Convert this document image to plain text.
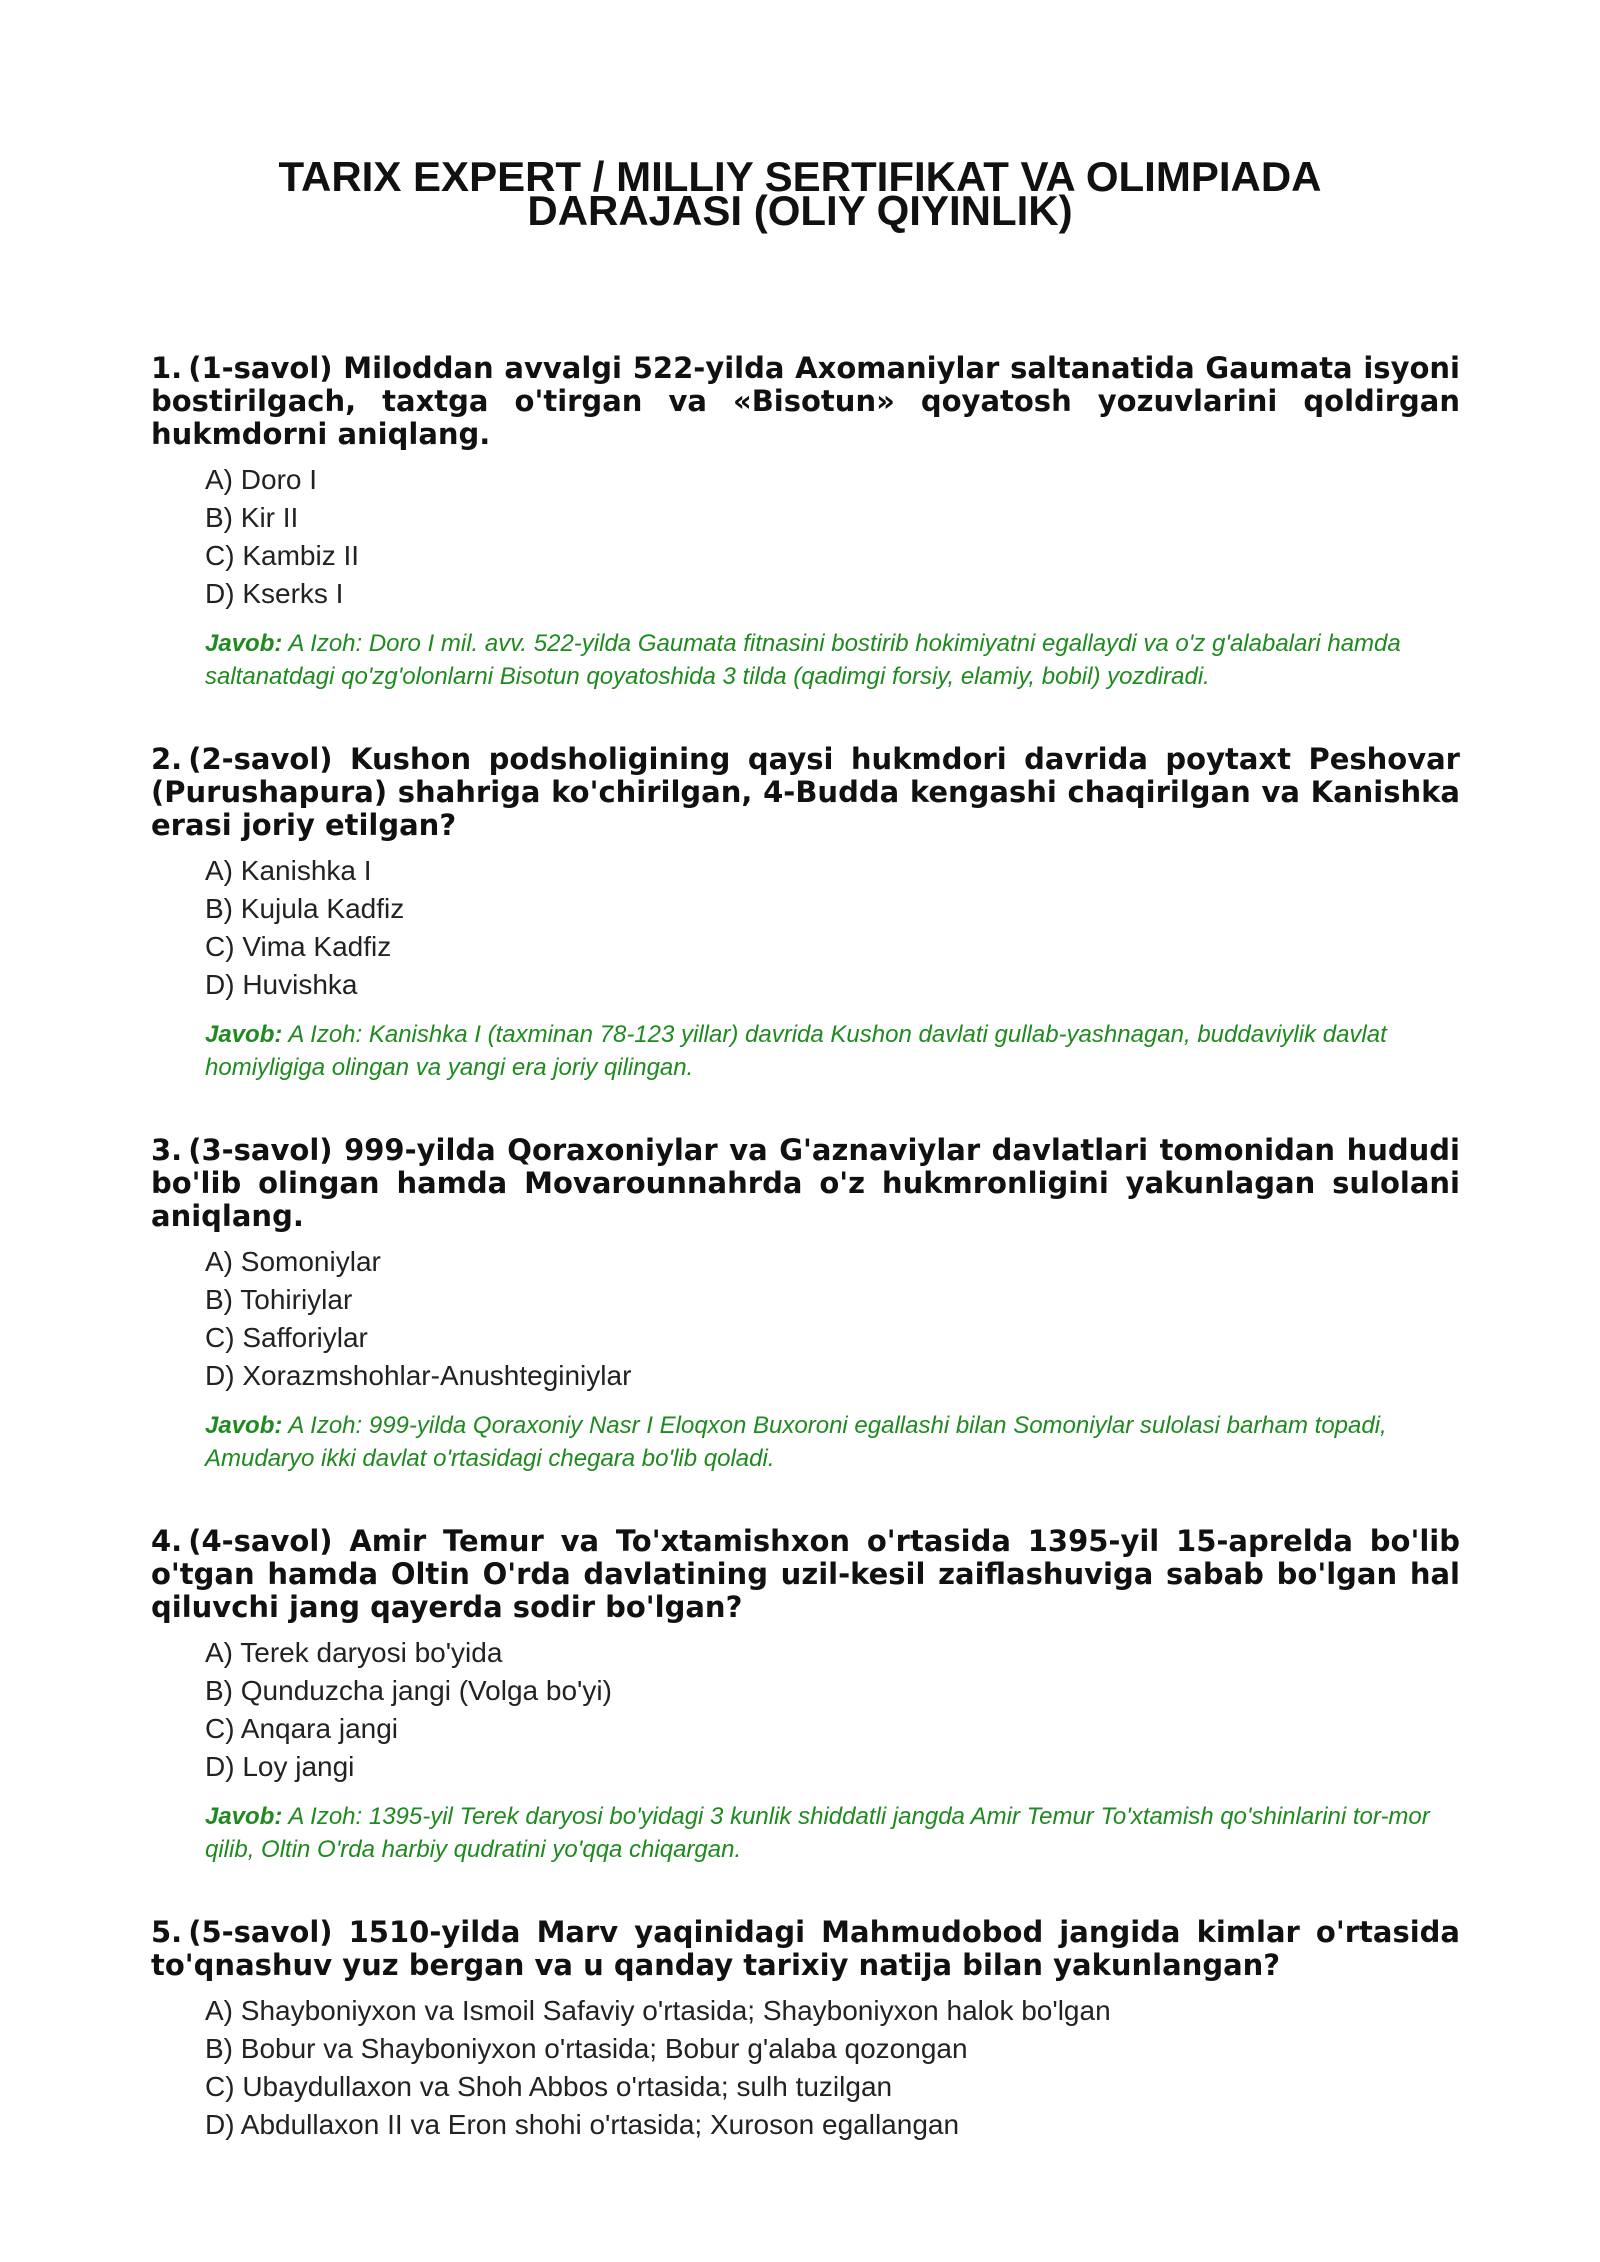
TARIX EXPERT / MILLIY SERTIFIKAT VA OLIMPIADA
DARAJASI (OLIY QIYINLIK)

1. (1-savol) Miloddan avvalgi 522-yilda Axomaniylar saltanatida Gaumata isyoni bostirilgach, taxtga o'tirgan va «Bisotun» qoyatosh yozuvlarini qoldirgan hukmdorni aniqlang.

A) Doro I
B) Kir II
C) Kambiz II
D) Kserks I
Javob: A Izoh: Doro I mil. avv. 522-yilda Gaumata fitnasini bostirib hokimiyatni egallaydi va o'z g'alabalari hamda saltanatdagi qo'zg'olonlarni Bisotun qoyatoshida 3 tilda (qadimgi forsiy, elamiy, bobil) yozdiradi.

2. (2-savol) Kushon podsholigining qaysi hukmdori davrida poytaxt Peshovar (Purushapura) shahriga ko'chirilgan, 4-Budda kengashi chaqirilgan va Kanishka erasi joriy etilgan?

A) Kanishka I
B) Kujula Kadfiz
C) Vima Kadfiz
D) Huvishka
Javob: A Izoh: Kanishka I (taxminan 78-123 yillar) davrida Kushon davlati gullab-yashnagan, buddaviylik davlat homiyligiga olingan va yangi era joriy qilingan.

3. (3-savol) 999-yilda Qoraxoniylar va G'aznaviylar davlatlari tomonidan hududi bo'lib olingan hamda Movarounnahrda o'z hukmronligini yakunlagan sulolani aniqlang.

A) Somoniylar
B) Tohiriylar
C) Safforiylar
D) Xorazmshohlar-Anushteginiylar
Javob: A Izoh: 999-yilda Qoraxoniy Nasr I Eloqxon Buxoroni egallashi bilan Somoniylar sulolasi barham topadi, Amudaryo ikki davlat o'rtasidagi chegara bo'lib qoladi.

4. (4-savol) Amir Temur va To'xtamishxon o'rtasida 1395-yil 15-aprelda bo'lib o'tgan hamda Oltin O'rda davlatining uzil-kesil zaiflashuviga sabab bo'lgan hal qiluvchi jang qayerda sodir bo'lgan?

A) Terek daryosi bo'yida
B) Qunduzcha jangi (Volga bo'yi)
C) Anqara jangi
D) Loy jangi
Javob: A Izoh: 1395-yil Terek daryosi bo'yidagi 3 kunlik shiddatli jangda Amir Temur To'xtamish qo'shinlarini tor-mor qilib, Oltin O'rda harbiy qudratini yo'qqa chiqargan.

5. (5-savol) 1510-yilda Marv yaqinidagi Mahmudobod jangida kimlar o'rtasida to'qnashuv yuz bergan va u qanday tarixiy natija bilan yakunlangan?

A) Shayboniyxon va Ismoil Safaviy o'rtasida; Shayboniyxon halok bo'lgan
B) Bobur va Shayboniyxon o'rtasida; Bobur g'alaba qozongan
C) Ubaydullaxon va Shoh Abbos o'rtasida; sulh tuzilgan
D) Abdullaxon II va Eron shohi o'rtasida; Xuroson egallangan
